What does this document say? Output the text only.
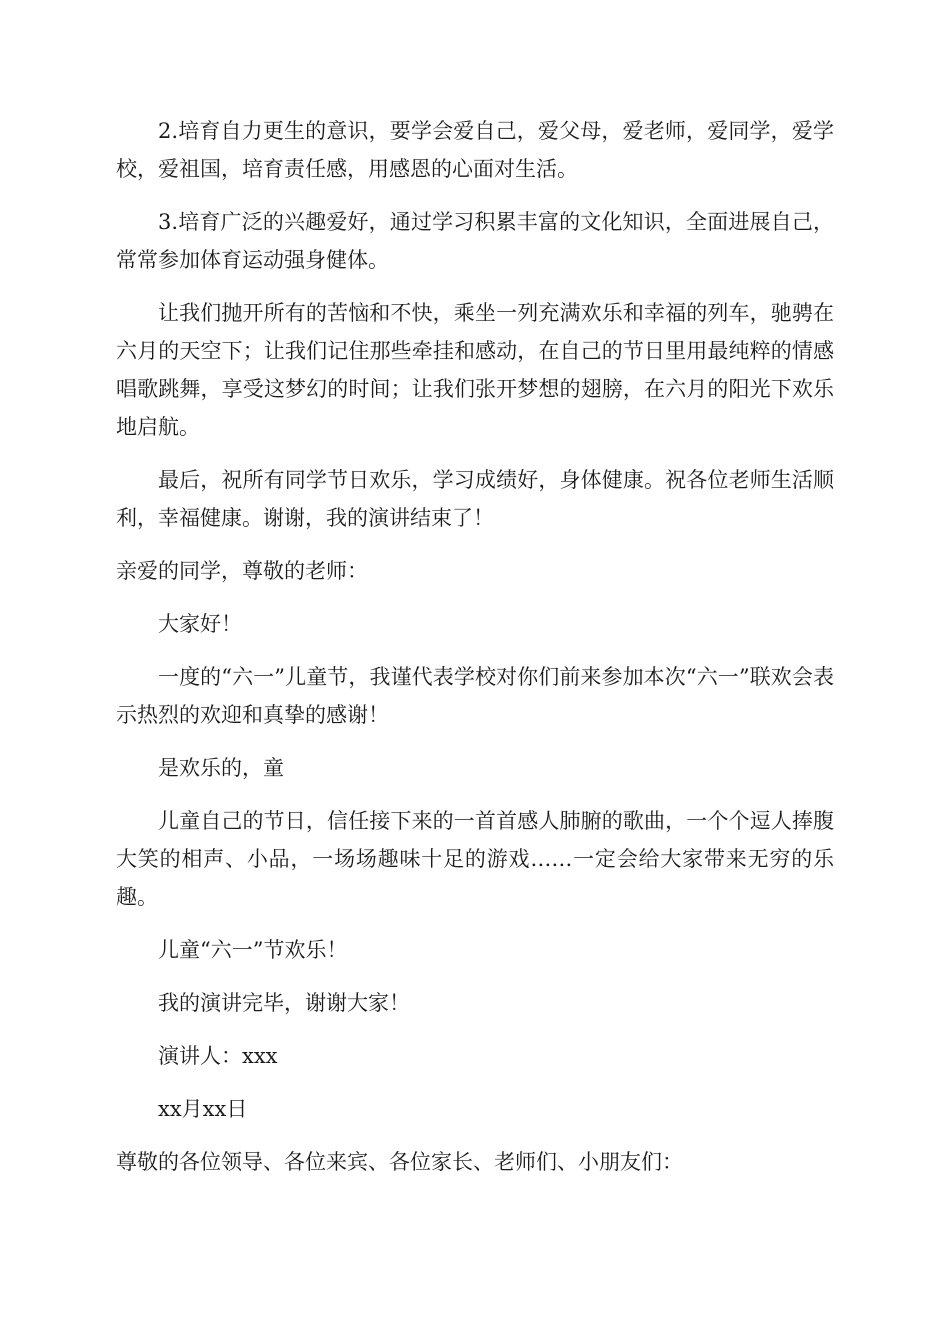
2.培育自力更生的意识，要学会爱自己，爱父母，爱老师，爱同学，爱学校，爱祖国，培育责任感，用感恩的心面对生活。

3.培育广泛的兴趣爱好，通过学习积累丰富的文化知识，全面进展自己，常常参加体育运动强身健体。

让我们抛开所有的苦恼和不快，乘坐一列充满欢乐和幸福的列车，驰骋在六月的天空下；让我们记住那些牵挂和感动，在自己的节日里用最纯粹的情感唱歌跳舞，享受这梦幻的时间；让我们张开梦想的翅膀，在六月的阳光下欢乐地启航。

最后，祝所有同学节日欢乐，学习成绩好，身体健康。祝各位老师生活顺利，幸福健康。谢谢，我的演讲结束了！

亲爱的同学，尊敬的老师：

大家好！

一度的“六一”儿童节，我谨代表学校对你们前来参加本次“六一”联欢会表示热烈的欢迎和真挚的感谢！

是欢乐的，童

儿童自己的节日，信任接下来的一首首感人肺腑的歌曲，一个个逗人捧腹大笑的相声、小品，一场场趣味十足的游戏……一定会给大家带来无穷的乐趣。

儿童“六一”节欢乐！

我的演讲完毕，谢谢大家！

演讲人：xxx

xx月xx日

尊敬的各位领导、各位来宾、各位家长、老师们、小朋友们：
